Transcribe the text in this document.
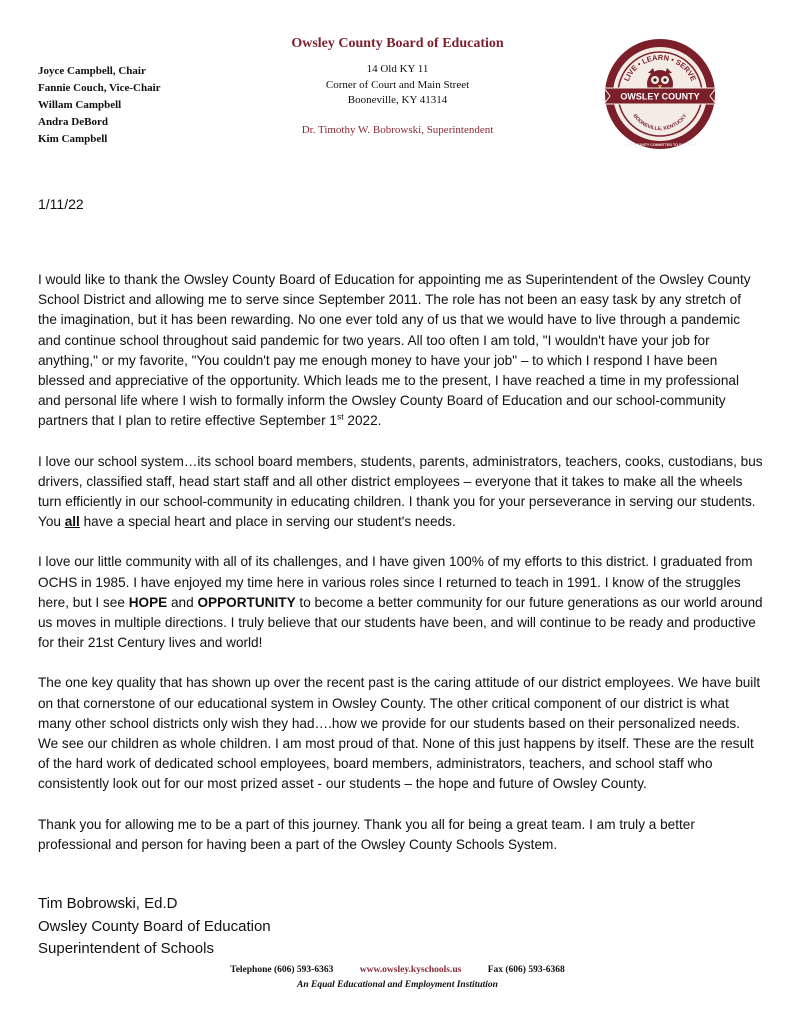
Owsley County Board of Education
Joyce Campbell, Chair
Fannie Couch, Vice-Chair
Willam Campbell
Andra DeBord
Kim Campbell
14 Old KY 11
Corner of Court and Main Street
Booneville, KY 41314
Dr. Timothy W. Bobrowski, Superintendent
LIVE • LEARN • SERVE
BOONEVILLE, KENTUCKY
OWSLEY COUNTY
A COMMUNITY COMMITTED TO SUCCESS
1/11/22

I would like to thank the Owsley County Board of Education for appointing me as Superintendent of the Owsley County School District and allowing me to serve since September 2011. The role has not been an easy task by any stretch of the imagination, but it has been rewarding. No one ever told any of us that we would have to live through a pandemic and continue school throughout said pandemic for two years. All too often I am told, "I wouldn't have your job for anything," or my favorite, "You couldn't pay me enough money to have your job" – to which I respond I have been blessed and appreciative of the opportunity. Which leads me to the present, I have reached a time in my professional and personal life where I wish to formally inform the Owsley County Board of Education and our school-community partners that I plan to retire effective September 1st 2022.

I love our school system…its school board members, students, parents, administrators, teachers, cooks, custodians, bus drivers, classified staff, head start staff and all other district employees – everyone that it takes to make all the wheels turn efficiently in our school-community in educating children. I thank you for your perseverance in serving our students. You all have a special heart and place in serving our student's needs.

I love our little community with all of its challenges, and I have given 100% of my efforts to this district. I graduated from OCHS in 1985. I have enjoyed my time here in various roles since I returned to teach in 1991. I know of the struggles here, but I see HOPE and OPPORTUNITY to become a better community for our future generations as our world around us moves in multiple directions. I truly believe that our students have been, and will continue to be ready and productive for their 21st Century lives and world!

The one key quality that has shown up over the recent past is the caring attitude of our district employees. We have built on that cornerstone of our educational system in Owsley County. The other critical component of our district is what many other school districts only wish they had….how we provide for our students based on their personalized needs. We see our children as whole children. I am most proud of that. None of this just happens by itself. These are the result of the hard work of dedicated school employees, board members, administrators, teachers, and school staff who consistently look out for our most prized asset - our students – the hope and future of Owsley County.

Thank you for allowing me to be a part of this journey. Thank you all for being a great team. I am truly a better professional and person for having been a part of the Owsley County Schools System.

Tim Bobrowski, Ed.D
Owsley County Board of Education
Superintendent of Schools
Telephone (606) 593-6363	www.owsley.kyschools.us	Fax (606) 593-6368
An Equal Educational and Employment Institution
